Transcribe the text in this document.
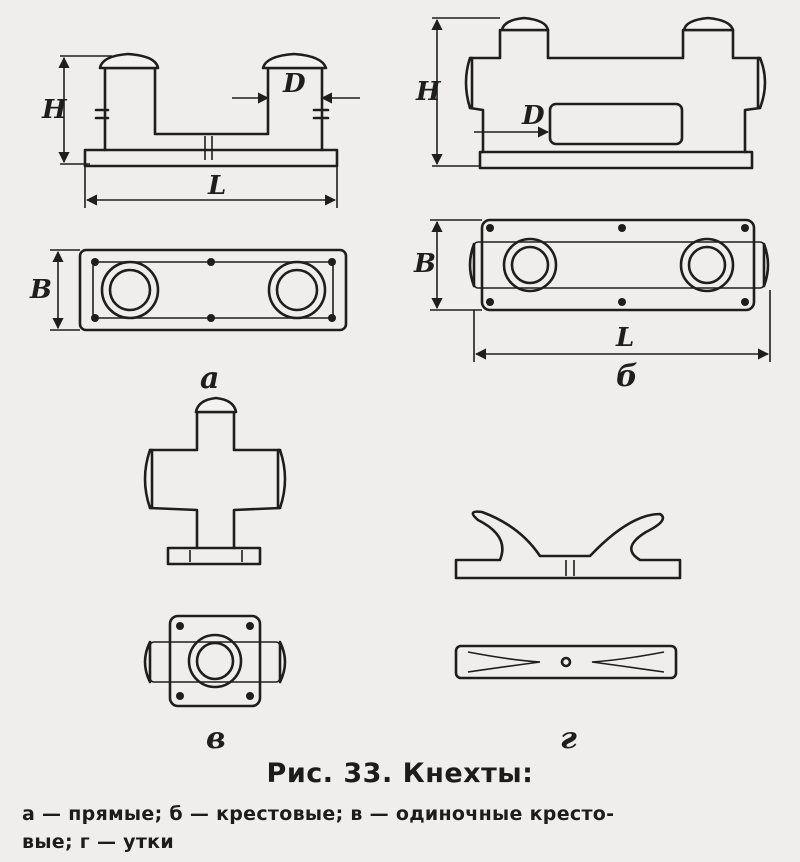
H
D
L
B
а
H
D
B
L
б
в	г
Рис. 33. Кнехты:
а — прямые; б — крестовые; в — одиночные кресто-
вые; г — утки
